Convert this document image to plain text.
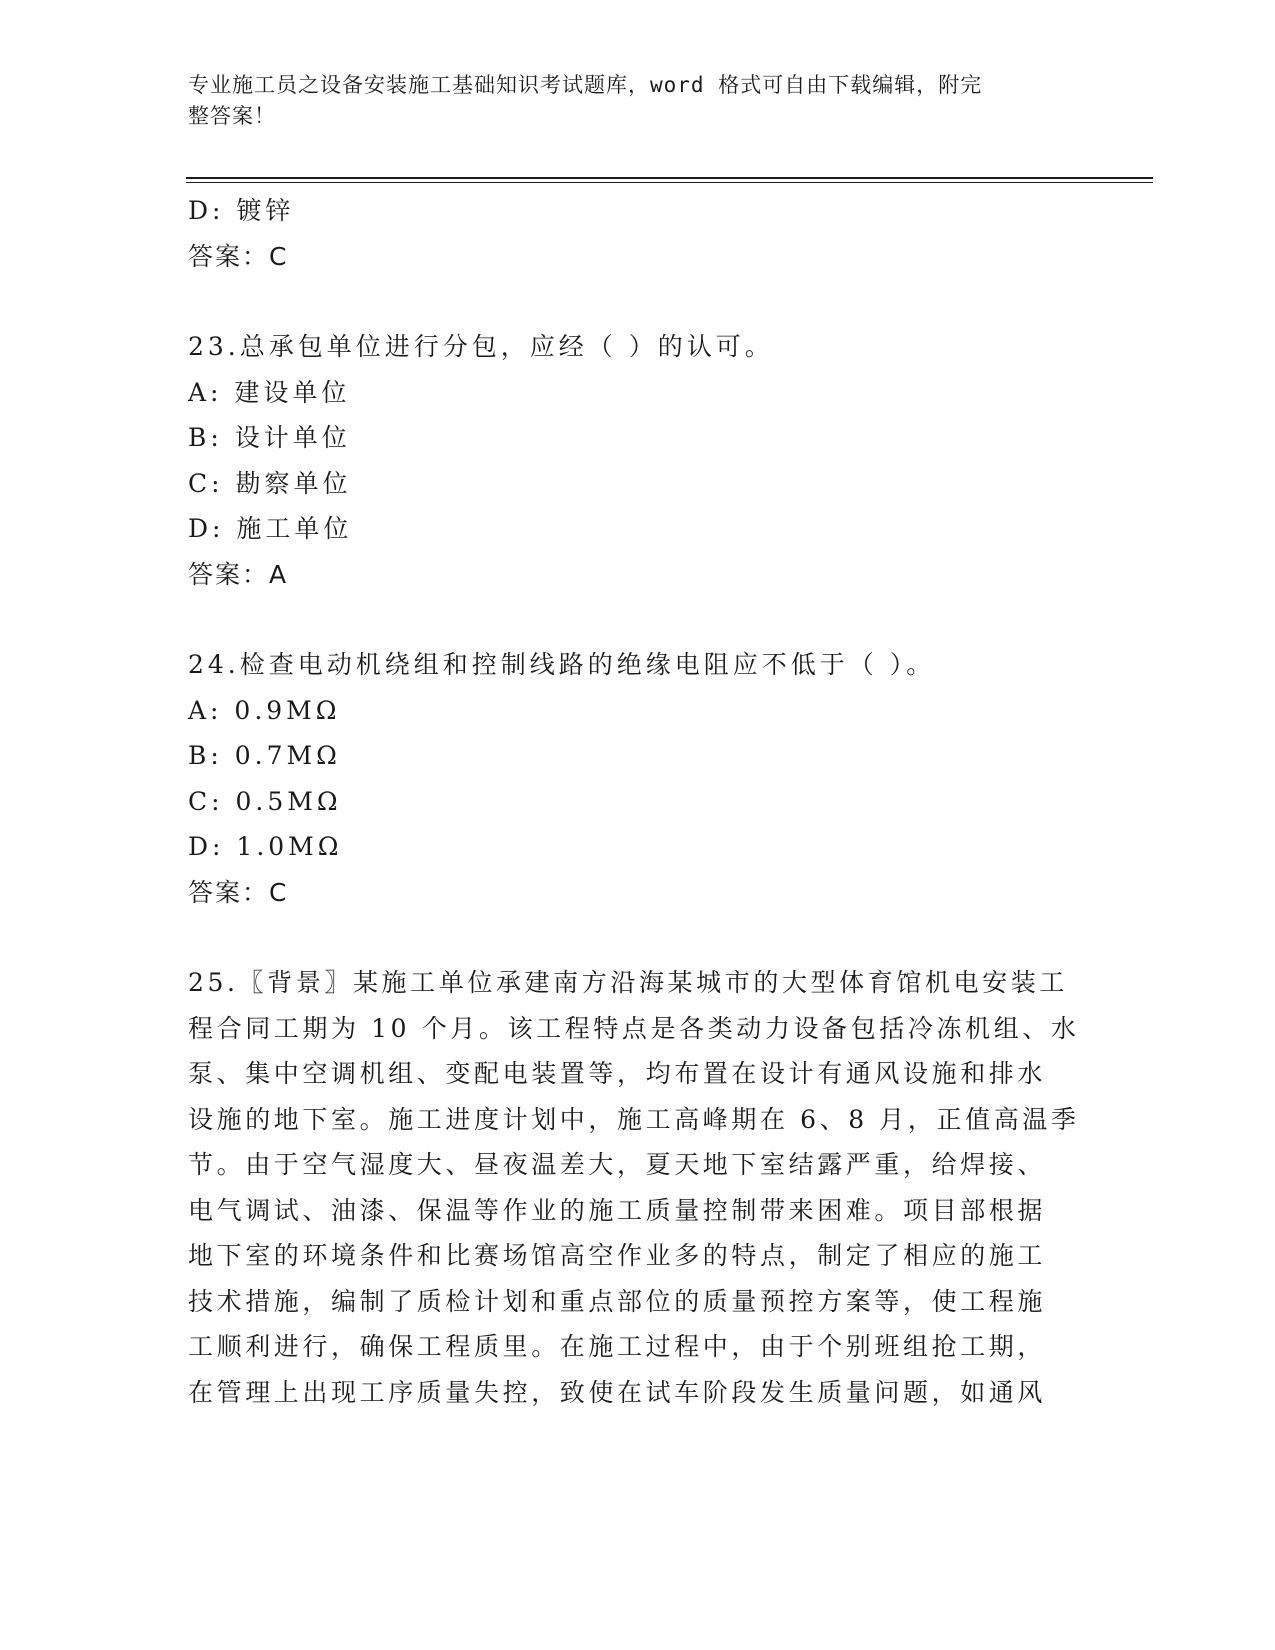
专业施工员之设备安装施工基础知识考试题库，word 格式可自由下载编辑，附完
整答案！
D: 镀锌
答案：C
23.总承包单位进行分包，应经（ ）的认可。
A: 建设单位
B: 设计单位
C: 勘察单位
D: 施工单位
答案：A
24.检查电动机绕组和控制线路的绝缘电阻应不低于（ ）。
A: 0.9MΩ
B: 0.7MΩ
C: 0.5MΩ
D: 1.0MΩ
答案：C
25.〖背景〗某施工单位承建南方沿海某城市的大型体育馆机电安装工
程合同工期为 10 个月。该工程特点是各类动力设备包括冷冻机组、水
泵、集中空调机组、变配电装置等，均布置在设计有通风设施和排水
设施的地下室。施工进度计划中，施工高峰期在 6、8 月，正值高温季
节。由于空气湿度大、昼夜温差大，夏天地下室结露严重，给焊接、
电气调试、油漆、保温等作业的施工质量控制带来困难。项目部根据
地下室的环境条件和比赛场馆高空作业多的特点，制定了相应的施工
技术措施，编制了质检计划和重点部位的质量预控方案等，使工程施
工顺利进行，确保工程质里。在施工过程中，由于个别班组抢工期，
在管理上出现工序质量失控，致使在试车阶段发生质量问题，如通风
